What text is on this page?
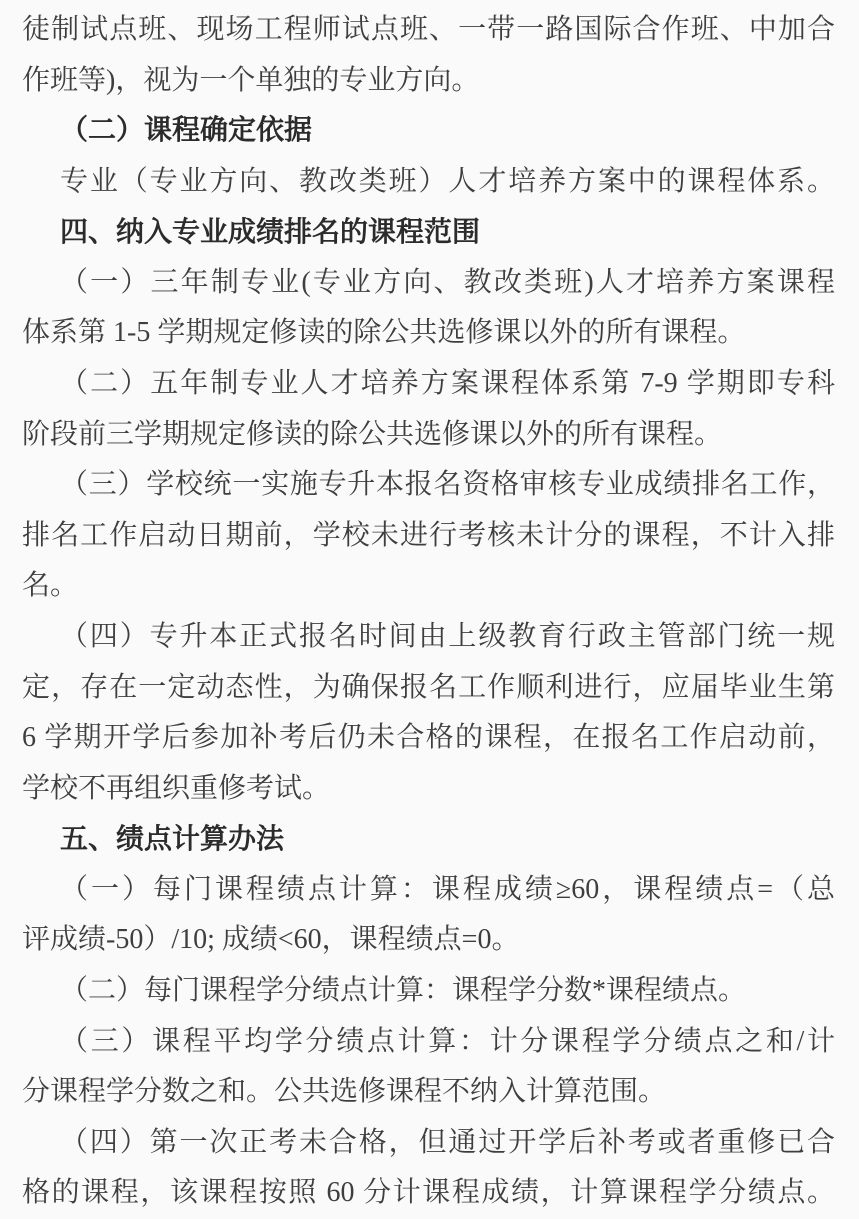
徒制试点班、现场工程师试点班、一带一路国际合作班、中加合
作班等)，视为一个单独的专业方向。
（二）课程确定依据
专业（专业方向、教改类班）人才培养方案中的课程体系。
四、纳入专业成绩排名的课程范围
（一）三年制专业(专业方向、教改类班)人才培养方案课程
体系第 1-5 学期规定修读的除公共选修课以外的所有课程。
（二）五年制专业人才培养方案课程体系第 7-9 学期即专科
阶段前三学期规定修读的除公共选修课以外的所有课程。
（三）学校统一实施专升本报名资格审核专业成绩排名工作，
排名工作启动日期前，学校未进行考核未计分的课程，不计入排
名。
（四）专升本正式报名时间由上级教育行政主管部门统一规
定，存在一定动态性，为确保报名工作顺利进行，应届毕业生第
6 学期开学后参加补考后仍未合格的课程，在报名工作启动前，
学校不再组织重修考试。
五、绩点计算办法
（一）每门课程绩点计算：课程成绩≥60，课程绩点=（总
评成绩-50）/10; 成绩<60，课程绩点=0。
（二）每门课程学分绩点计算：课程学分数*课程绩点。
（三）课程平均学分绩点计算：计分课程学分绩点之和/计
分课程学分数之和。公共选修课程不纳入计算范围。
（四）第一次正考未合格，但通过开学后补考或者重修已合
格的课程，该课程按照 60 分计课程成绩，计算课程学分绩点。
